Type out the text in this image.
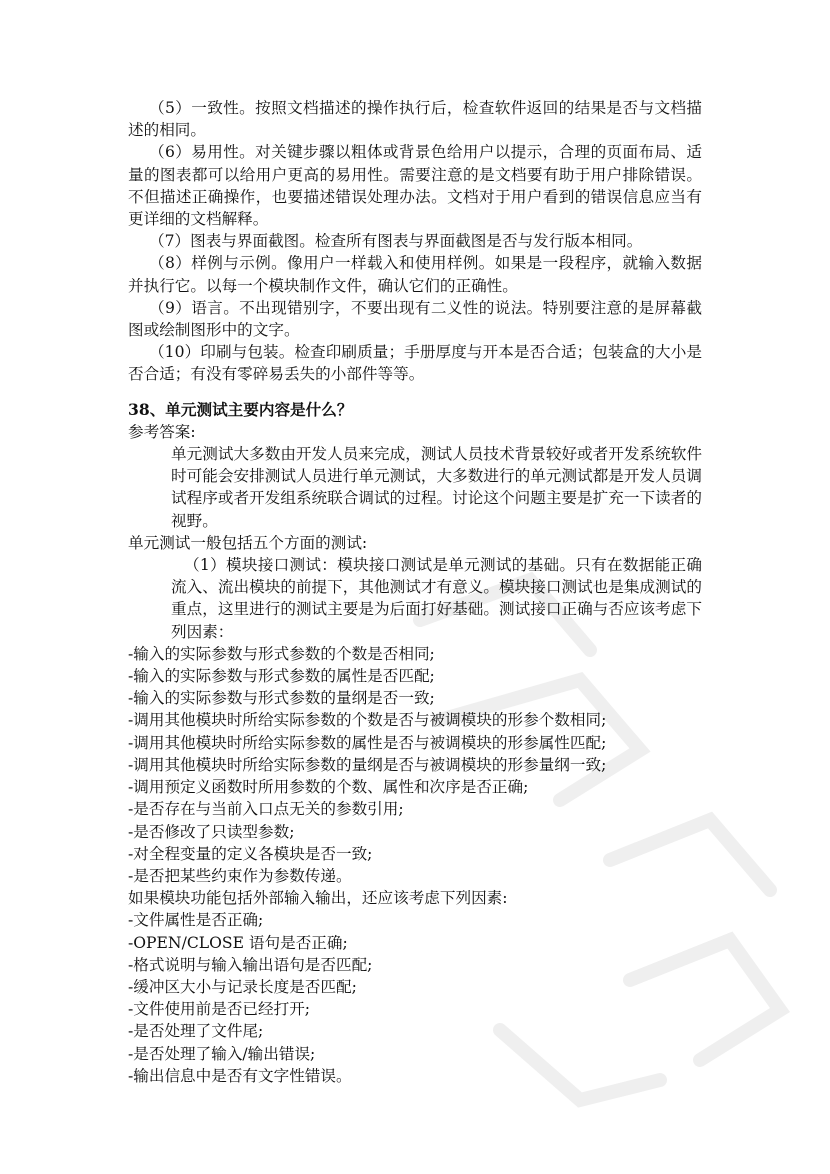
（5）一致性。按照文档描述的操作执行后，检查软件返回的结果是否与文档描述的相同。

（6）易用性。对关键步骤以粗体或背景色给用户以提示，合理的页面布局、适量的图表都可以给用户更高的易用性。需要注意的是文档要有助于用户排除错误。不但描述正确操作，也要描述错误处理办法。文档对于用户看到的错误信息应当有更详细的文档解释。

（7）图表与界面截图。检查所有图表与界面截图是否与发行版本相同。

（8）样例与示例。像用户一样载入和使用样例。如果是一段程序，就输入数据并执行它。以每一个模块制作文件，确认它们的正确性。

（9）语言。不出现错别字，不要出现有二义性的说法。特别要注意的是屏幕截图或绘制图形中的文字。

（10）印刷与包装。检查印刷质量；手册厚度与开本是否合适；包装盒的大小是否合适；有没有零碎易丢失的小部件等等。

38、单元测试主要内容是什么？

参考答案:

单元测试大多数由开发人员来完成，测试人员技术背景较好或者开发系统软件时可能会安排测试人员进行单元测试，大多数进行的单元测试都是开发人员调试程序或者开发组系统联合调试的过程。讨论这个问题主要是扩充一下读者的视野。

单元测试一般包括五个方面的测试:

（1）模块接口测试：模块接口测试是单元测试的基础。只有在数据能正确流入、流出模块的前提下，其他测试才有意义。模块接口测试也是集成测试的重点，这里进行的测试主要是为后面打好基础。测试接口正确与否应该考虑下列因素：

-输入的实际参数与形式参数的个数是否相同;

-输入的实际参数与形式参数的属性是否匹配;

-输入的实际参数与形式参数的量纲是否一致;

-调用其他模块时所给实际参数的个数是否与被调模块的形参个数相同;

-调用其他模块时所给实际参数的属性是否与被调模块的形参属性匹配;

-调用其他模块时所给实际参数的量纲是否与被调模块的形参量纲一致;

-调用预定义函数时所用参数的个数、属性和次序是否正确;

-是否存在与当前入口点无关的参数引用;

-是否修改了只读型参数;

-对全程变量的定义各模块是否一致;

-是否把某些约束作为参数传递。

如果模块功能包括外部输入输出，还应该考虑下列因素:

-文件属性是否正确;

-OPEN/CLOSE 语句是否正确;

-格式说明与输入输出语句是否匹配;

-缓冲区大小与记录长度是否匹配;

-文件使用前是否已经打开;

-是否处理了文件尾;

-是否处理了输入/输出错误;

-输出信息中是否有文字性错误。
